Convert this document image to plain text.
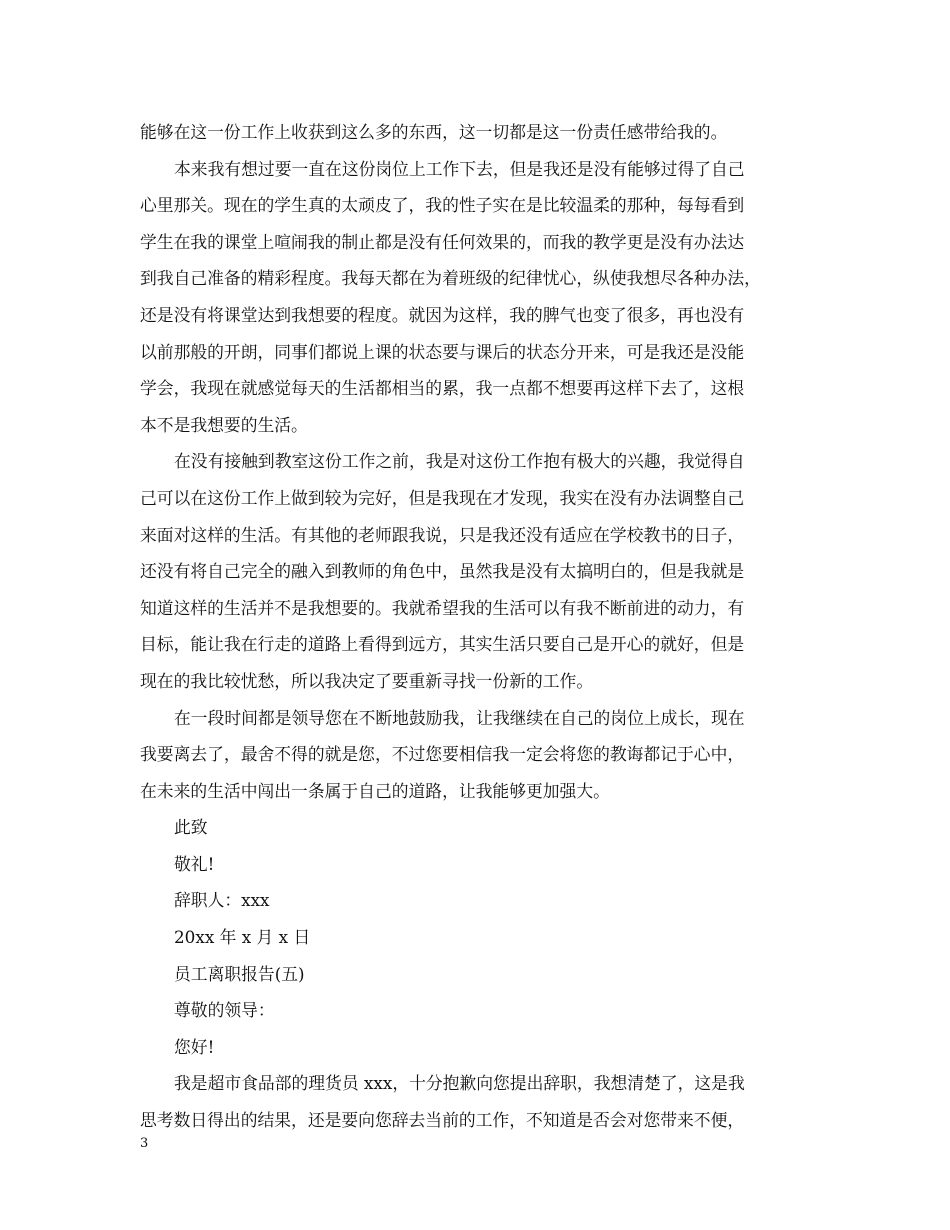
能够在这一份工作上收获到这么多的东西，这一切都是这一份责任感带给我的。
本来我有想过要一直在这份岗位上工作下去，但是我还是没有能够过得了自己
心里那关。现在的学生真的太顽皮了，我的性子实在是比较温柔的那种，每每看到
学生在我的课堂上喧闹我的制止都是没有任何效果的，而我的教学更是没有办法达
到我自己准备的精彩程度。我每天都在为着班级的纪律忧心，纵使我想尽各种办法，
还是没有将课堂达到我想要的程度。就因为这样，我的脾气也变了很多，再也没有
以前那般的开朗，同事们都说上课的状态要与课后的状态分开来，可是我还是没能
学会，我现在就感觉每天的生活都相当的累，我一点都不想要再这样下去了，这根
本不是我想要的生活。
在没有接触到教室这份工作之前，我是对这份工作抱有极大的兴趣，我觉得自
己可以在这份工作上做到较为完好，但是我现在才发现，我实在没有办法调整自己
来面对这样的生活。有其他的老师跟我说，只是我还没有适应在学校教书的日子，
还没有将自己完全的融入到教师的角色中，虽然我是没有太搞明白的，但是我就是
知道这样的生活并不是我想要的。我就希望我的生活可以有我不断前进的动力，有
目标，能让我在行走的道路上看得到远方，其实生活只要自己是开心的就好，但是
现在的我比较忧愁，所以我决定了要重新寻找一份新的工作。
在一段时间都是领导您在不断地鼓励我，让我继续在自己的岗位上成长，现在
我要离去了，最舍不得的就是您，不过您要相信我一定会将您的教诲都记于心中，
在未来的生活中闯出一条属于自己的道路，让我能够更加强大。
此致
敬礼!
辞职人：xxx
20xx 年 x 月 x 日
员工离职报告(五)
尊敬的领导：
您好!
我是超市食品部的理货员 xxx，十分抱歉向您提出辞职，我想清楚了，这是我
思考数日得出的结果，还是要向您辞去当前的工作，不知道是否会对您带来不便，
3
